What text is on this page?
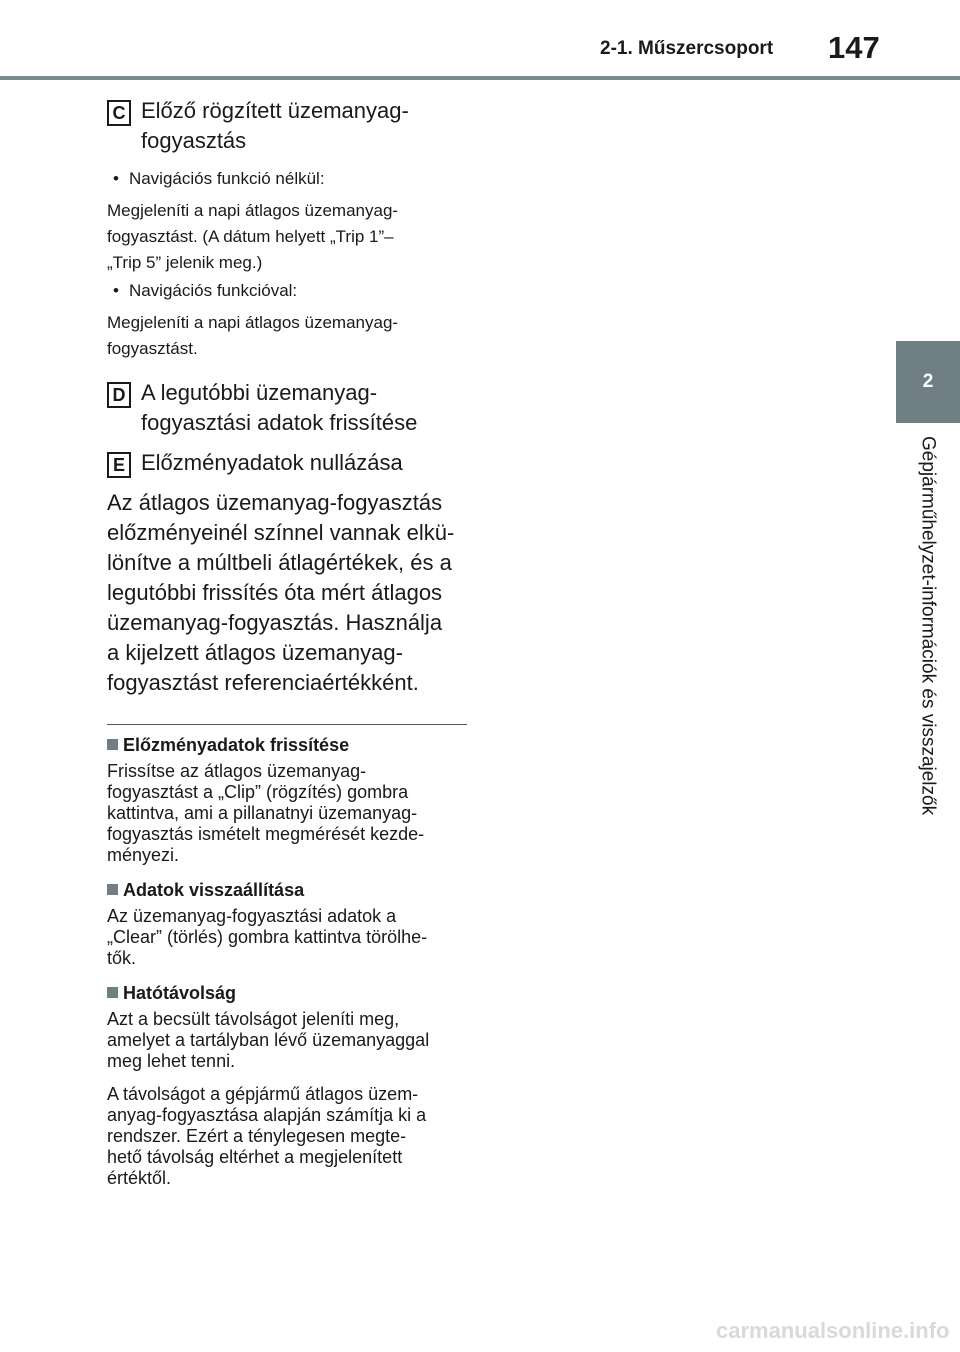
2-1. Műszercsoport 147
2
Gépjárműhelyzet-információk és visszajelzők
C Előző rögzített üzemanyag-
fogyasztás
• Navigációs funkció nélkül:
Megjeleníti a napi átlagos üzemanyag-
fogyasztást. (A dátum helyett „Trip 1”–
„Trip 5” jelenik meg.)
• Navigációs funkcióval:
Megjeleníti a napi átlagos üzemanyag-
fogyasztást.
D A legutóbbi üzemanyag-
fogyasztási adatok frissítése
E Előzményadatok nullázása
Az átlagos üzemanyag-fogyasztás
előzményeinél színnel vannak elkü-
lönítve a múltbeli átlagértékek, és a
legutóbbi frissítés óta mért átlagos
üzemanyag-fogyasztás. Használja
a kijelzett átlagos üzemanyag-
fogyasztást referenciaértékként.
Előzményadatok frissítése
Frissítse az átlagos üzemanyag-
fogyasztást a „Clip” (rögzítés) gombra
kattintva, ami a pillanatnyi üzemanyag-
fogyasztás ismételt megmérését kezde-
ményezi.
Adatok visszaállítása
Az üzemanyag-fogyasztási adatok a
„Clear” (törlés) gombra kattintva törölhe-
tők.
Hatótávolság
Azt a becsült távolságot jeleníti meg,
amelyet a tartályban lévő üzemanyaggal
meg lehet tenni.
A távolságot a gépjármű átlagos üzem-
anyag-fogyasztása alapján számítja ki a
rendszer. Ezért a ténylegesen megte-
hető távolság eltérhet a megjelenített
értéktől.
carmanualsonline.info
